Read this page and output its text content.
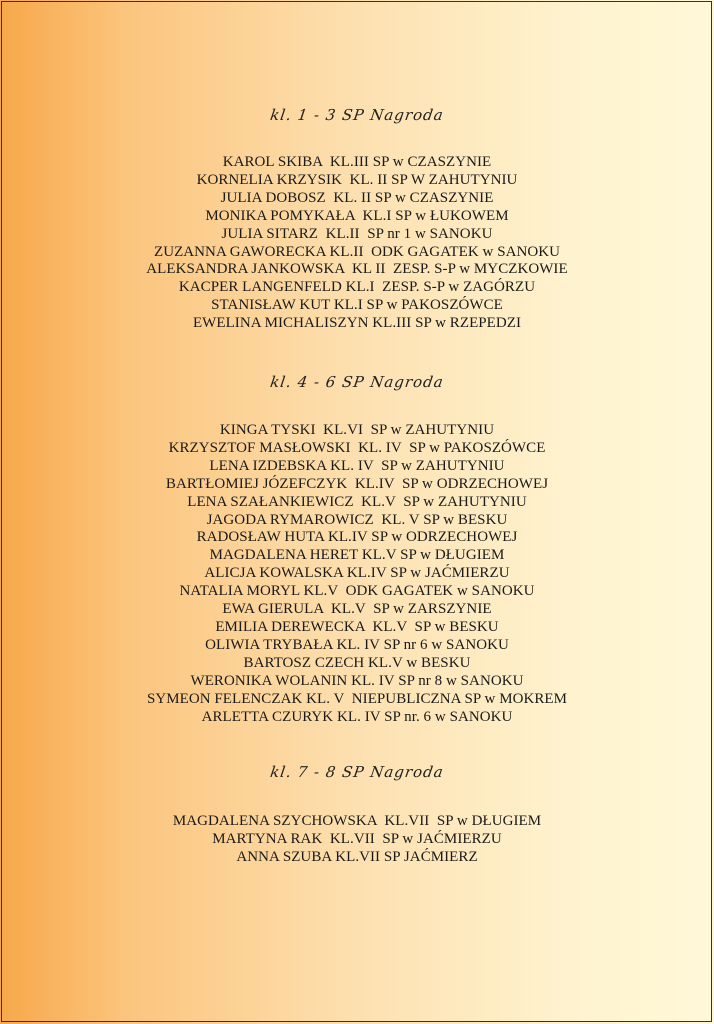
kl. 1 - 3 SP Nagroda
KAROL SKIBA  KL.III SP w CZASZYNIE
KORNELIA KRZYSIK  KL. II SP W ZAHUTYNIU
JULIA DOBOSZ  KL. II SP w CZASZYNIE
MONIKA POMYKAŁA  KL.I SP w ŁUKOWEM
JULIA SITARZ  KL.II  SP nr 1 w SANOKU
ZUZANNA GAWORECKA KL.II  ODK GAGATEK w SANOKU
ALEKSANDRA JANKOWSKA  KL II  ZESP. S-P w MYCZKOWIE
KACPER LANGENFELD KL.I  ZESP. S-P w ZAGÓRZU
STANISŁAW KUT KL.I SP w PAKOSZÓWCE
EWELINA MICHALISZYN KL.III SP w RZEPEDZI
kl. 4 - 6 SP Nagroda
KINGA TYSKI  KL.VI  SP w ZAHUTYNIU
KRZYSZTOF MASŁOWSKI  KL. IV  SP w PAKOSZÓWCE
LENA IZDEBSKA KL. IV  SP w ZAHUTYNIU
BARTŁOMIEJ JÓZEFCZYK  KL.IV  SP w ODRZECHOWEJ
LENA SZAŁANKIEWICZ  KL.V  SP w ZAHUTYNIU
JAGODA RYMAROWICZ  KL. V SP w BESKU
RADOSŁAW HUTA KL.IV SP w ODRZECHOWEJ
MAGDALENA HERET KL.V SP w DŁUGIEM
ALICJA KOWALSKA KL.IV SP w JAĆMIERZU
NATALIA MORYL KL.V  ODK GAGATEK w SANOKU
EWA GIERULA  KL.V  SP w ZARSZYNIE
EMILIA DEREWECKA  KL.V  SP w BESKU
OLIWIA TRYBAŁA KL. IV SP nr 6 w SANOKU
BARTOSZ CZECH KL.V w BESKU
WERONIKA WOLANIN KL. IV SP nr 8 w SANOKU
SYMEON FELENCZAK KL. V  NIEPUBLICZNA SP w MOKREM
ARLETTA CZURYK KL. IV SP nr. 6 w SANOKU
kl. 7 - 8 SP Nagroda
MAGDALENA SZYCHOWSKA  KL.VII  SP w DŁUGIEM
MARTYNA RAK  KL.VII  SP w JAĆMIERZU
ANNA SZUBA KL.VII SP JAĆMIERZ
